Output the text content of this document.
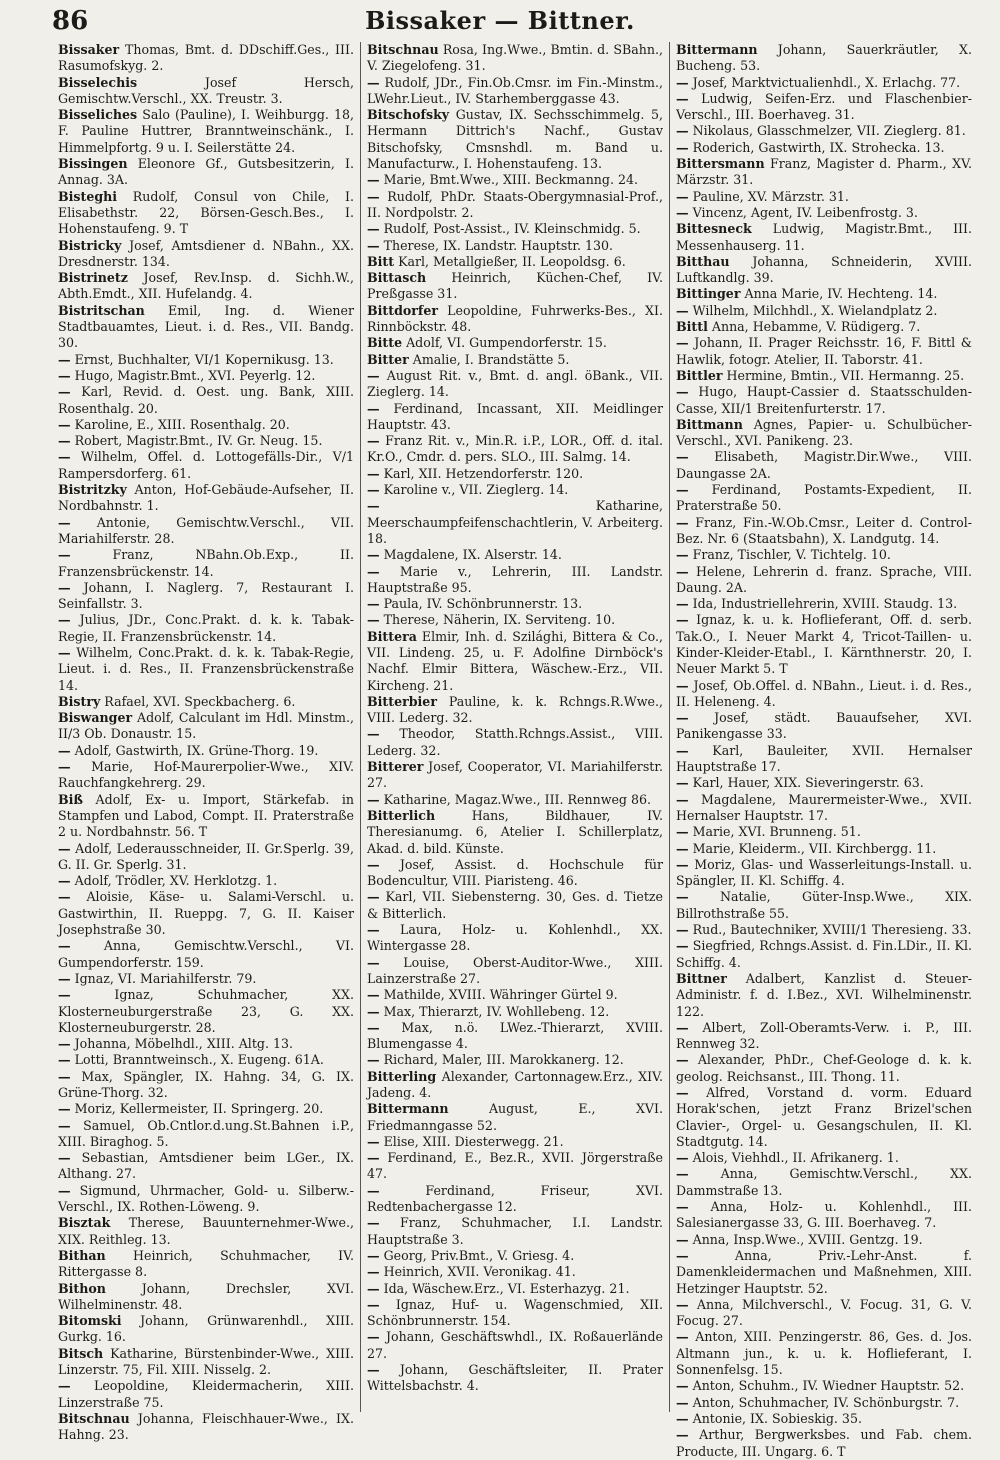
86	Bissaker — Bittner.

Bissaker Thomas, Bmt. d. DDschiff.Ges., III. Rasumofskyg. 2.

Bisselechis Josef Hersch, Gemischtw.Verschl., XX. Treustr. 3.

Bisseliches Salo (Pauline), I. Weihburgg. 18, F. Pauline Huttrer, Branntweinschänk., I. Himmelpfortg. 9 u. I. Seilerstätte 24.

Bissingen Eleonore Gf., Gutsbesitzerin, I. Annag. 3A.

Bisteghi Rudolf, Consul von Chile, I. Elisabethstr. 22, Börsen-Gesch.Bes., I. Hohenstaufeng. 9. T

Bistricky Josef, Amtsdiener d. NBahn., XX. Dresdnerstr. 134.

Bistrinetz Josef, Rev.Insp. d. Sichh.W., Abth.Emdt., XII. Hufelandg. 4.

Bistritschan Emil, Ing. d. Wiener Stadtbauamtes, Lieut. i. d. Res., VII. Bandg. 30.

— Ernst, Buchhalter, VI/1 Kopernikusg. 13.

— Hugo, Magistr.Bmt., XVI. Peyerlg. 12.

— Karl, Revid. d. Oest. ung. Bank, XIII. Rosenthalg. 20.

— Karoline, E., XIII. Rosenthalg. 20.

— Robert, Magistr.Bmt., IV. Gr. Neug. 15.

— Wilhelm, Offel. d. Lottogefälls-Dir., V/1 Rampersdorferg. 61.

Bistritzky Anton, Hof-Gebäude-Aufseher, II. Nordbahnstr. 1.

— Antonie, Gemischtw.Verschl., VII. Mariahilferstr. 28.

— Franz, NBahn.Ob.Exp., II. Franzensbrückenstr. 14.

— Johann, I. Naglerg. 7, Restaurant I. Seinfallstr. 3.

— Julius, JDr., Conc.Prakt. d. k. k. Tabak-Regie, II. Franzensbrückenstr. 14.

— Wilhelm, Conc.Prakt. d. k. k. Tabak-Regie, Lieut. i. d. Res., II. Franzensbrückenstraße 14.

Bistry Rafael, XVI. Speckbacherg. 6.

Biswanger Adolf, Calculant im Hdl. Minstm., II/3 Ob. Donaustr. 15.

— Adolf, Gastwirth, IX. Grüne-Thorg. 19.

— Marie, Hof-Maurerpolier-Wwe., XIV. Rauchfangkehrerg. 29.

Biß Adolf, Ex- u. Import, Stärkefab. in Stampfen und Labod, Compt. II. Praterstraße 2 u. Nordbahnstr. 56. T

— Adolf, Lederausschneider, II. Gr.Sperlg. 39, G. II. Gr. Sperlg. 31.

— Adolf, Trödler, XV. Herklotzg. 1.

— Aloisie, Käse- u. Salami-Verschl. u. Gastwirthin, II. Rueppg. 7, G. II. Kaiser Josephstraße 30.

— Anna, Gemischtw.Verschl., VI. Gumpendorferstr. 159.

— Ignaz, VI. Mariahilferstr. 79.

— Ignaz, Schuhmacher, XX. Klosterneuburgerstraße 23, G. XX. Klosterneuburgerstr. 28.

— Johanna, Möbelhdl., XIII. Altg. 13.

— Lotti, Branntweinsch., X. Eugeng. 61A.

— Max, Spängler, IX. Hahng. 34, G. IX. Grüne-Thorg. 32.

— Moriz, Kellermeister, II. Springerg. 20.

— Samuel, Ob.Cntlor.d.ung.St.Bahnen i.P., XIII. Biraghog. 5.

— Sebastian, Amtsdiener beim LGer., IX. Althang. 27.

— Sigmund, Uhrmacher, Gold- u. Silberw.-Verschl., IX. Rothen-Löweng. 9.

Bisztak Therese, Bauunternehmer-Wwe., XIX. Reithleg. 13.

Bithan Heinrich, Schuhmacher, IV. Rittergasse 8.

Bithon Johann, Drechsler, XVI. Wilhelminenstr. 48.

Bitomski Johann, Grünwarenhdl., XIII. Gurkg. 16.

Bitsch Katharine, Bürstenbinder-Wwe., XIII. Linzerstr. 75, Fil. XIII. Nisselg. 2.

— Leopoldine, Kleidermacherin, XIII. Linzerstraße 75.

Bitschnau Johanna, Fleischhauer-Wwe., IX. Hahng. 23.

Bitschnau Rosa, Ing.Wwe., Bmtin. d. SBahn., V. Ziegelofeng. 31.

— Rudolf, JDr., Fin.Ob.Cmsr. im Fin.-Minstm., LWehr.Lieut., IV. Starhemberggasse 43.

Bitschofsky Gustav, IX. Sechsschimmelg. 5, Hermann Dittrich's Nachf., Gustav Bitschofsky, Cmsnshdl. m. Band u. Manufacturw., I. Hohenstaufeng. 13.

— Marie, Bmt.Wwe., XIII. Beckmanng. 24.

— Rudolf, PhDr. Staats-Obergymnasial-Prof., II. Nordpolstr. 2.

— Rudolf, Post-Assist., IV. Kleinschmidg. 5.

— Therese, IX. Landstr. Hauptstr. 130.

Bitt Karl, Metallgießer, II. Leopoldsg. 6.

Bittasch Heinrich, Küchen-Chef, IV. Preßgasse 31.

Bittdorfer Leopoldine, Fuhrwerks-Bes., XI. Rinnböckstr. 48.

Bitte Adolf, VI. Gumpendorferstr. 15.

Bitter Amalie, I. Brandstätte 5.

— August Rit. v., Bmt. d. angl. öBank., VII. Zieglerg. 14.

— Ferdinand, Incassant, XII. Meidlinger Hauptstr. 43.

— Franz Rit. v., Min.R. i.P., LOR., Off. d. ital. Kr.O., Cmdr. d. pers. SLO., III. Salmg. 14.

— Karl, XII. Hetzendorferstr. 120.

— Karoline v., VII. Zieglerg. 14.

— Katharine, Meerschaumpfeifenschachtlerin, V. Arbeiterg. 18.

— Magdalene, IX. Alserstr. 14.

— Marie v., Lehrerin, III. Landstr. Hauptstraße 95.

— Paula, IV. Schönbrunnerstr. 13.

— Therese, Näherin, IX. Serviteng. 10.

Bittera Elmir, Inh. d. Szilághi, Bittera & Co., VII. Lindeng. 25, u. F. Adolfine Dirnböck's Nachf. Elmir Bittera, Wäschew.-Erz., VII. Kircheng. 21.

Bitterbier Pauline, k. k. Rchngs.R.Wwe., VIII. Lederg. 32.

— Theodor, Statth.Rchngs.Assist., VIII. Lederg. 32.

Bitterer Josef, Cooperator, VI. Mariahilferstr. 27.

— Katharine, Magaz.Wwe., III. Rennweg 86.

Bitterlich Hans, Bildhauer, IV. Theresianumg. 6, Atelier I. Schillerplatz, Akad. d. bild. Künste.

— Josef, Assist. d. Hochschule für Bodencultur, VIII. Piaristeng. 46.

— Karl, VII. Siebensterng. 30, Ges. d. Tietze & Bitterlich.

— Laura, Holz- u. Kohlenhdl., XX. Wintergasse 28.

— Louise, Oberst-Auditor-Wwe., XIII. Lainzerstraße 27.

— Mathilde, XVIII. Währinger Gürtel 9.

— Max, Thierarzt, IV. Wohllebeng. 12.

— Max, n.ö. LWez.-Thierarzt, XVIII. Blumengasse 4.

— Richard, Maler, III. Marokkanerg. 12.

Bitterling Alexander, Cartonnagew.Erz., XIV. Jadeng. 4.

Bittermann August, E., XVI. Friedmanngasse 52.

— Elise, XIII. Diesterwegg. 21.

— Ferdinand, E., Bez.R., XVII. Jörgerstraße 47.

— Ferdinand, Friseur, XVI. Redtenbachergasse 12.

— Franz, Schuhmacher, I.I. Landstr. Hauptstraße 3.

— Georg, Priv.Bmt., V. Griesg. 4.

— Heinrich, XVII. Veronikag. 41.

— Ida, Wäschew.Erz., VI. Esterhazyg. 21.

— Ignaz, Huf- u. Wagenschmied, XII. Schönbrunnerstr. 154.

— Johann, Geschäftswhdl., IX. Roßauerlände 27.

— Johann, Geschäftsleiter, II. Prater Wittelsbachstr. 4.

Bittermann Johann, Sauerkräutler, X. Bucheng. 53.

— Josef, Marktvictualienhdl., X. Erlachg. 77.

— Ludwig, Seifen-Erz. und Flaschenbier-Verschl., III. Boerhaveg. 31.

— Nikolaus, Glasschmelzer, VII. Zieglerg. 81.

— Roderich, Gastwirth, IX. Strohecka. 13.

Bittersmann Franz, Magister d. Pharm., XV. Märzstr. 31.

— Pauline, XV. Märzstr. 31.

— Vincenz, Agent, IV. Leibenfrostg. 3.

Bittesneck Ludwig, Magistr.Bmt., III. Messenhauserg. 11.

Bitthau Johanna, Schneiderin, XVIII. Luftkandlg. 39.

Bittinger Anna Marie, IV. Hechteng. 14.

— Wilhelm, Milchhdl., X. Wielandplatz 2.

Bittl Anna, Hebamme, V. Rüdigerg. 7.

— Johann, II. Prager Reichsstr. 16, F. Bittl & Hawlik, fotogr. Atelier, II. Taborstr. 41.

Bittler Hermine, Bmtin., VII. Hermanng. 25.

— Hugo, Haupt-Cassier d. Staatsschulden-Casse, XII/1 Breitenfurterstr. 17.

Bittmann Agnes, Papier- u. Schulbücher-Verschl., XVI. Panikeng. 23.

— Elisabeth, Magistr.Dir.Wwe., VIII. Daungasse 2A.

— Ferdinand, Postamts-Expedient, II. Praterstraße 50.

— Franz, Fin.-W.Ob.Cmsr., Leiter d. Control-Bez. Nr. 6 (Staatsbahn), X. Landgutg. 14.

— Franz, Tischler, V. Tichtelg. 10.

— Helene, Lehrerin d. franz. Sprache, VIII. Daung. 2A.

— Ida, Industriellehrerin, XVIII. Staudg. 13.

— Ignaz, k. u. k. Hoflieferant, Off. d. serb. Tak.O., I. Neuer Markt 4, Tricot-Taillen- u. Kinder-Kleider-Etabl., I. Kärnthnerstr. 20, I. Neuer Markt 5. T

— Josef, Ob.Offel. d. NBahn., Lieut. i. d. Res., II. Heleneng. 4.

— Josef, städt. Bauaufseher, XVI. Panikengasse 33.

— Karl, Bauleiter, XVII. Hernalser Hauptstraße 17.

— Karl, Hauer, XIX. Sieveringerstr. 63.

— Magdalene, Maurermeister-Wwe., XVII. Hernalser Hauptstr. 17.

— Marie, XVI. Brunneng. 51.

— Marie, Kleiderm., VII. Kirchbergg. 11.

— Moriz, Glas- und Wasserleitungs-Install. u. Spängler, II. Kl. Schiffg. 4.

— Natalie, Güter-Insp.Wwe., XIX. Billrothstraße 55.

— Rud., Bautechniker, XVIII/1 Theresieng. 33.

— Siegfried, Rchngs.Assist. d. Fin.LDir., II. Kl. Schiffg. 4.

Bittner Adalbert, Kanzlist d. Steuer-Administr. f. d. I.Bez., XVI. Wilhelminenstr. 122.

— Albert, Zoll-Oberamts-Verw. i. P., III. Rennweg 32.

— Alexander, PhDr., Chef-Geologe d. k. k. geolog. Reichsanst., III. Thong. 11.

— Alfred, Vorstand d. vorm. Eduard Horak'schen, jetzt Franz Brizel'schen Clavier-, Orgel- u. Gesangschulen, II. Kl. Stadtgutg. 14.

— Alois, Viehhdl., II. Afrikanerg. 1.

— Anna, Gemischtw.Verschl., XX. Dammstraße 13.

— Anna, Holz- u. Kohlenhdl., III. Salesianergasse 33, G. III. Boerhaveg. 7.

— Anna, Insp.Wwe., XVIII. Gentzg. 19.

— Anna, Priv.-Lehr-Anst. f. Damenkleidermachen und Maßnehmen, XIII. Hetzinger Hauptstr. 52.

— Anna, Milchverschl., V. Focug. 31, G. V. Focug. 27.

— Anton, XIII. Penzingerstr. 86, Ges. d. Jos. Altmann jun., k. u. k. Hoflieferant, I. Sonnenfelsg. 15.

— Anton, Schuhm., IV. Wiedner Hauptstr. 52.

— Anton, Schuhmacher, IV. Schönburgstr. 7.

— Antonie, IX. Sobieskig. 35.

— Arthur, Bergwerksbes. und Fab. chem. Producte, III. Ungarg. 6. T
